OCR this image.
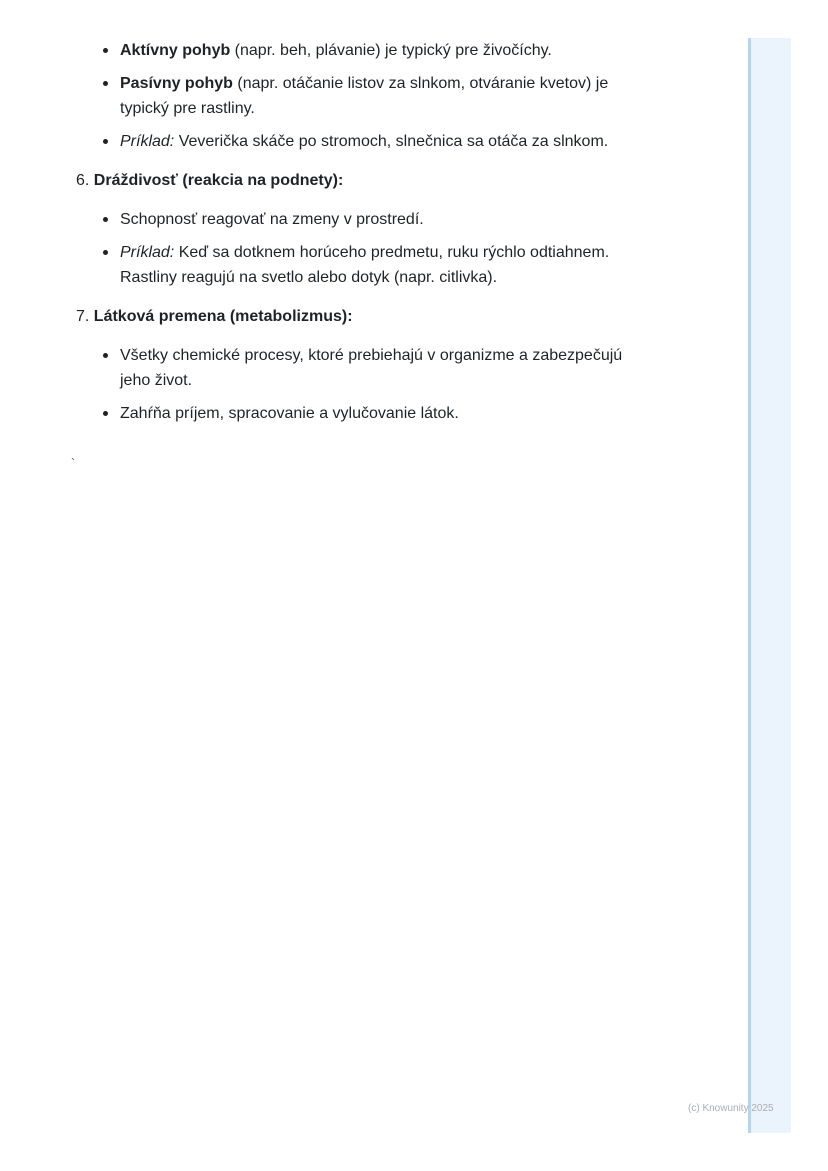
Aktívny pohyb (napr. beh, plávanie) je typický pre živočíchy.
Pasívny pohyb (napr. otáčanie listov za slnkom, otváranie kvetov) je typický pre rastliny.
Príklad: Veverička skáče po stromoch, slnečnica sa otáča za slnkom.
6. Dráždivosť (reakcia na podnety):
Schopnosť reagovať na zmeny v prostredí.
Príklad: Keď sa dotknem horúceho predmetu, ruku rýchlo odtiahnem. Rastliny reagujú na svetlo alebo dotyk (napr. citlivka).
7. Látková premena (metabolizmus):
Všetky chemické procesy, ktoré prebiehajú v organizme a zabezpečujú jeho život.
Zahŕňa príjem, spracovanie a vylučovanie látok.
`
(c) Knowunity 2025
